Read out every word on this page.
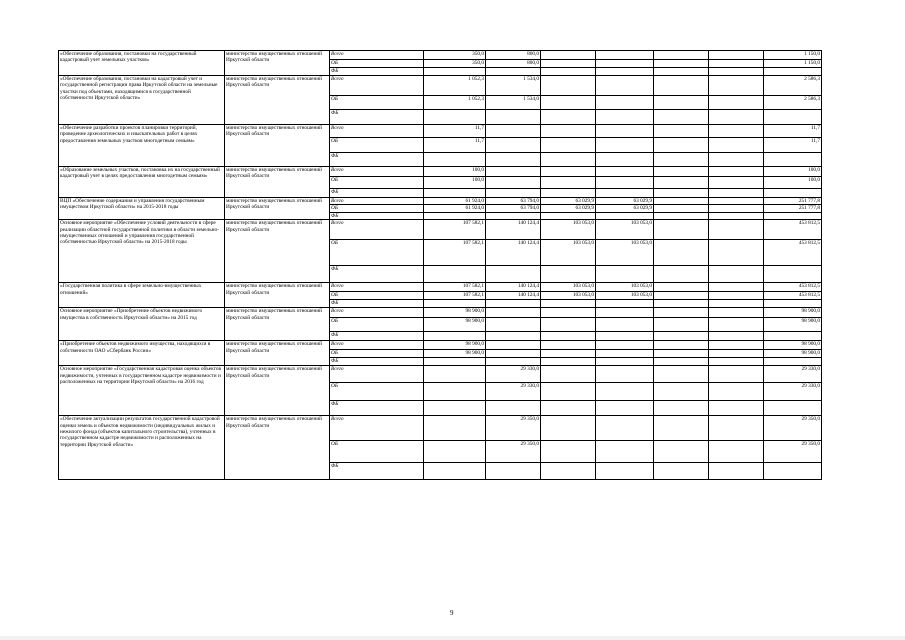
«Обеспечение образования, постановки на государственный кадастровый учет земельных участков»	министерство имущественных отношений Иркутской области	Всего	350,0	800,0					1 150,0
		ОБ	350,0	800,0					1 150,0
		ФБ							
«Обеспечение образования, постановки на кадастровый учет и государственной регистрации права Иркутской области на земельные участки под объектами, находящимися в государственной собственности Иркутской области»	министерство имущественных отношений Иркутской области	Всего	1 052,3	1 534,0					2 586,3
		ОБ	1 052,3	1 534,0					2 586,3
		ФБ							
«Обеспечение разработки проектов планировки территорий, проведение археологических и изыскательных работ в целях предоставления земельных участков многодетным семьям»	министерство имущественных отношений Иркутской области	Всего	11,7						11,7
		ОБ	11,7						11,7
		ФБ							
«Образование земельных участков, постановка их на государственный кадастровый учет в целях предоставления многодетным семьям»	министерство имущественных отношений Иркутской области	Всего	100,0						100,0
		ОБ	100,0						100,0
		ФБ							
ВЦП «Обеспечение содержания и управления государственным имуществом Иркутской области» на 2015-2018 годы	министерство имущественных отношений Иркутской области	Всего	61 924,0	63 794,0	63 029,9	63 029,9			251 777,8
		ОБ	61 924,0	63 794,0	63 029,9	63 029,9			251 777,8
		ФБ							
Основное мероприятие «Обеспечение условий деятельности в сфере реализации областной государственной политики в области земельно-имущественных отношений и управления государственной собственностью Иркутской области» на 2015-2018 годы	министерство имущественных отношений Иркутской области	Всего	107 582,1	140 124,4	103 053,0	103 053,0			453 812,5
		ОБ	107 582,1	140 124,4	103 053,0	103 053,0			453 812,5
		ФБ							
«Государственная политика в сфере земельно-имущественных отношений»	министерство имущественных отношений Иркутской области	Всего	107 582,1	140 124,4	103 053,0	103 053,0			453 812,5
		ОБ	107 582,1	140 124,4	103 053,0	103 053,0			453 812,5
		ФБ							
Основное мероприятие «Приобретение объектов недвижимого имущества в собственность Иркутской области» на 2015 год	министерство имущественных отношений Иркутской области	Всего	98 900,0						98 900,0
		ОБ	98 900,0						98 900,0
		ФБ							
«Приобретение объектов недвижимого имущества, находящихся в собственности ОАО «Сбербанк России»	министерство имущественных отношений Иркутской области	Всего	98 900,0						98 900,0
		ОБ	98 900,0						98 900,0
		ФБ							
Основное мероприятие «Государственная кадастровая оценка объектов недвижимости, учтенных в государственном кадастре недвижимости и расположенных на территории Иркутской области» на 2016 год	министерство имущественных отношений Иркутской области	Всего		29 330,0					29 330,0
		ОБ		29 330,0					29 330,0
		ФБ							
«Обеспечение актуализации результатов государственной кадастровой оценки земель и объектов недвижимости (индивидуальных жилых и нежилого фонда (объектов капитального строительства), учтенных в государственном кадастре недвижимости и расположенных на территории Иркутской области»	министерство имущественных отношений Иркутской области	Всего		29 350,0					29 350,0
		ОБ		29 350,0					29 350,0
		ФБ							
9
